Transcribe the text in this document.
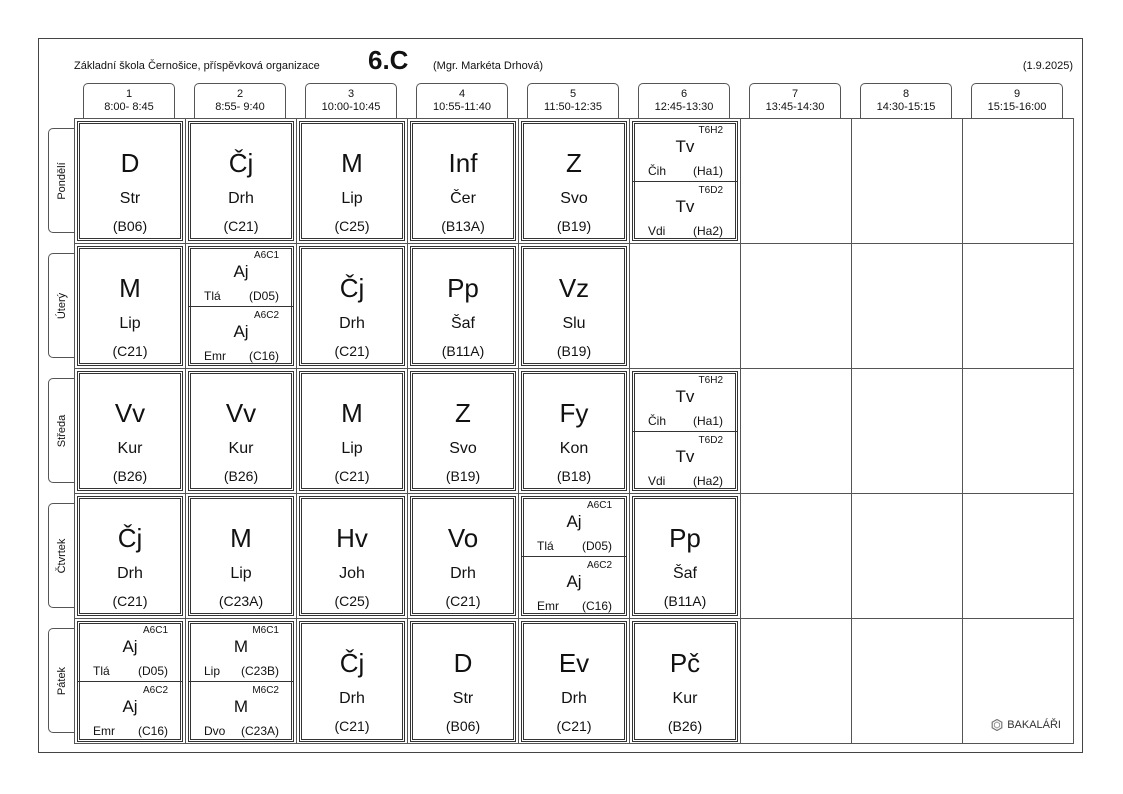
Základní škola Černošice, příspěvková organizace 6.C (Mgr. Markéta Drhová)	(1.9.2025)
1
8:00- 8:45
2
8:55- 9:40
3
10:00-10:45
4
10:55-11:40
5
11:50-12:35
6
12:45-13:30
7
13:45-14:30
8
14:30-15:15
9
15:15-16:00
Pondělí
Úterý
Středa
Čtvrtek
Pátek
D
Str
(B06)
Čj
Drh
(C21)
M
Lip
(C25)
Inf
Čer
(B13A)
Z
Svo
(B19)
T6H2
Tv
Čih (Ha1)
T6D2
Tv
Vdi (Ha2)
M
Lip
(C21)
A6C1
Aj
Tlá (D05)
A6C2
Aj
Emr (C16)
Čj
Drh
(C21)
Pp
Šaf
(B11A)
Vz
Slu
(B19)
Vv
Kur
(B26)
Vv
Kur
(B26)
M
Lip
(C21)
Z
Svo
(B19)
Fy
Kon
(B18)
T6H2
Tv
Čih (Ha1)
T6D2
Tv
Vdi (Ha2)
Čj
Drh
(C21)
M
Lip
(C23A)
Hv
Joh
(C25)
Vo
Drh
(C21)
A6C1
Aj
Tlá (D05)
A6C2
Aj
Emr (C16)
Pp
Šaf
(B11A)
A6C1
Aj
Tlá (D05)
A6C2
Aj
Emr (C16)
M6C1
M
Lip (C23B)
M6C2
M
Dvo (C23A)
Čj
Drh
(C21)
D
Str
(B06)
Ev
Drh
(C21)
Pč
Kur
(B26)	BAKALÁŘI
